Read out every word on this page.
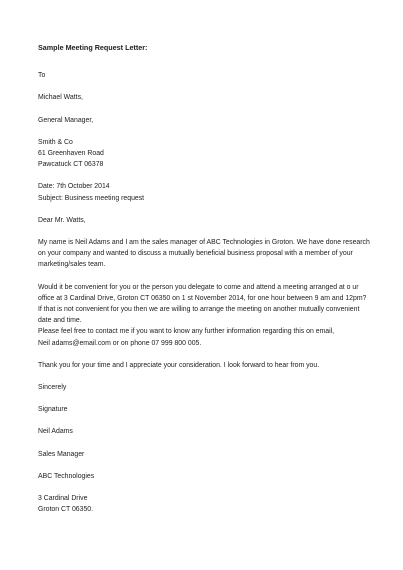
Sample Meeting Request Letter:

To

Michael Watts,

General Manager,

Smith & Co

61 Greenhaven Road

Pawcatuck CT 06378

Date: 7th October 2014

Subject: Business meeting request

Dear Mr. Watts,

My name is Neil Adams and I am the sales manager of ABC Technologies in Groton. We have done research

on your company and wanted to discuss a mutually beneficial business proposal with a member of your

marketing/sales team.

Would it be convenient for you or the person you delegate to come and attend a meeting arranged at o ur

office at 3 Cardinal Drive, Groton CT 06350 on 1 st November 2014, for one hour between 9 am and 12pm?

If that is not convenient for you then we are willing to arrange the meeting on another mutually convenient

date and time.

Please feel free to contact me if you want to know any further information regarding this on email,

Neil adams@email.com or on phone 07 999 800 005.

Thank you for your time and I appreciate your consideration. I look forward to hear from you.

Sincerely

Signature

Neil Adams

Sales Manager

ABC Technologies

3 Cardinal Drive

Groton CT 06350.
